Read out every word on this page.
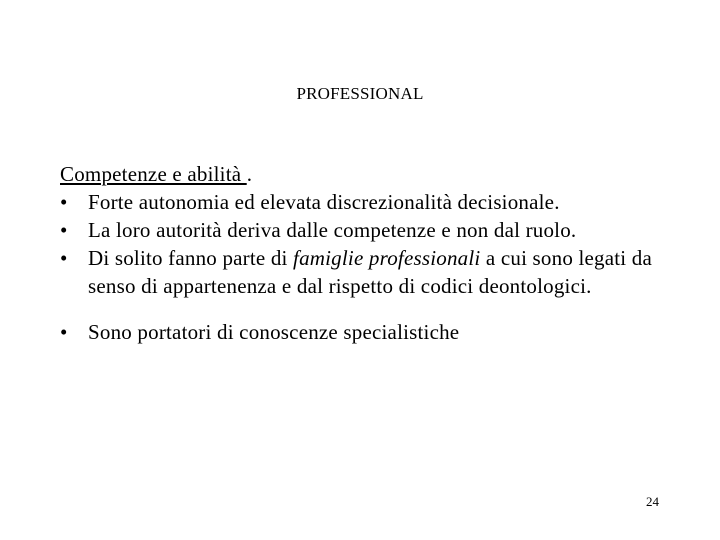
PROFESSIONAL

Competenze e abilità .

• Forte autonomia ed elevata discrezionalità decisionale.
• La loro autorità deriva dalle competenze e non dal ruolo.
• Di solito fanno parte di famiglie professionali a cui sono legati da senso di appartenenza e dal rispetto di codici deontologici.
• Sono portatori di conoscenze specialistiche
24
